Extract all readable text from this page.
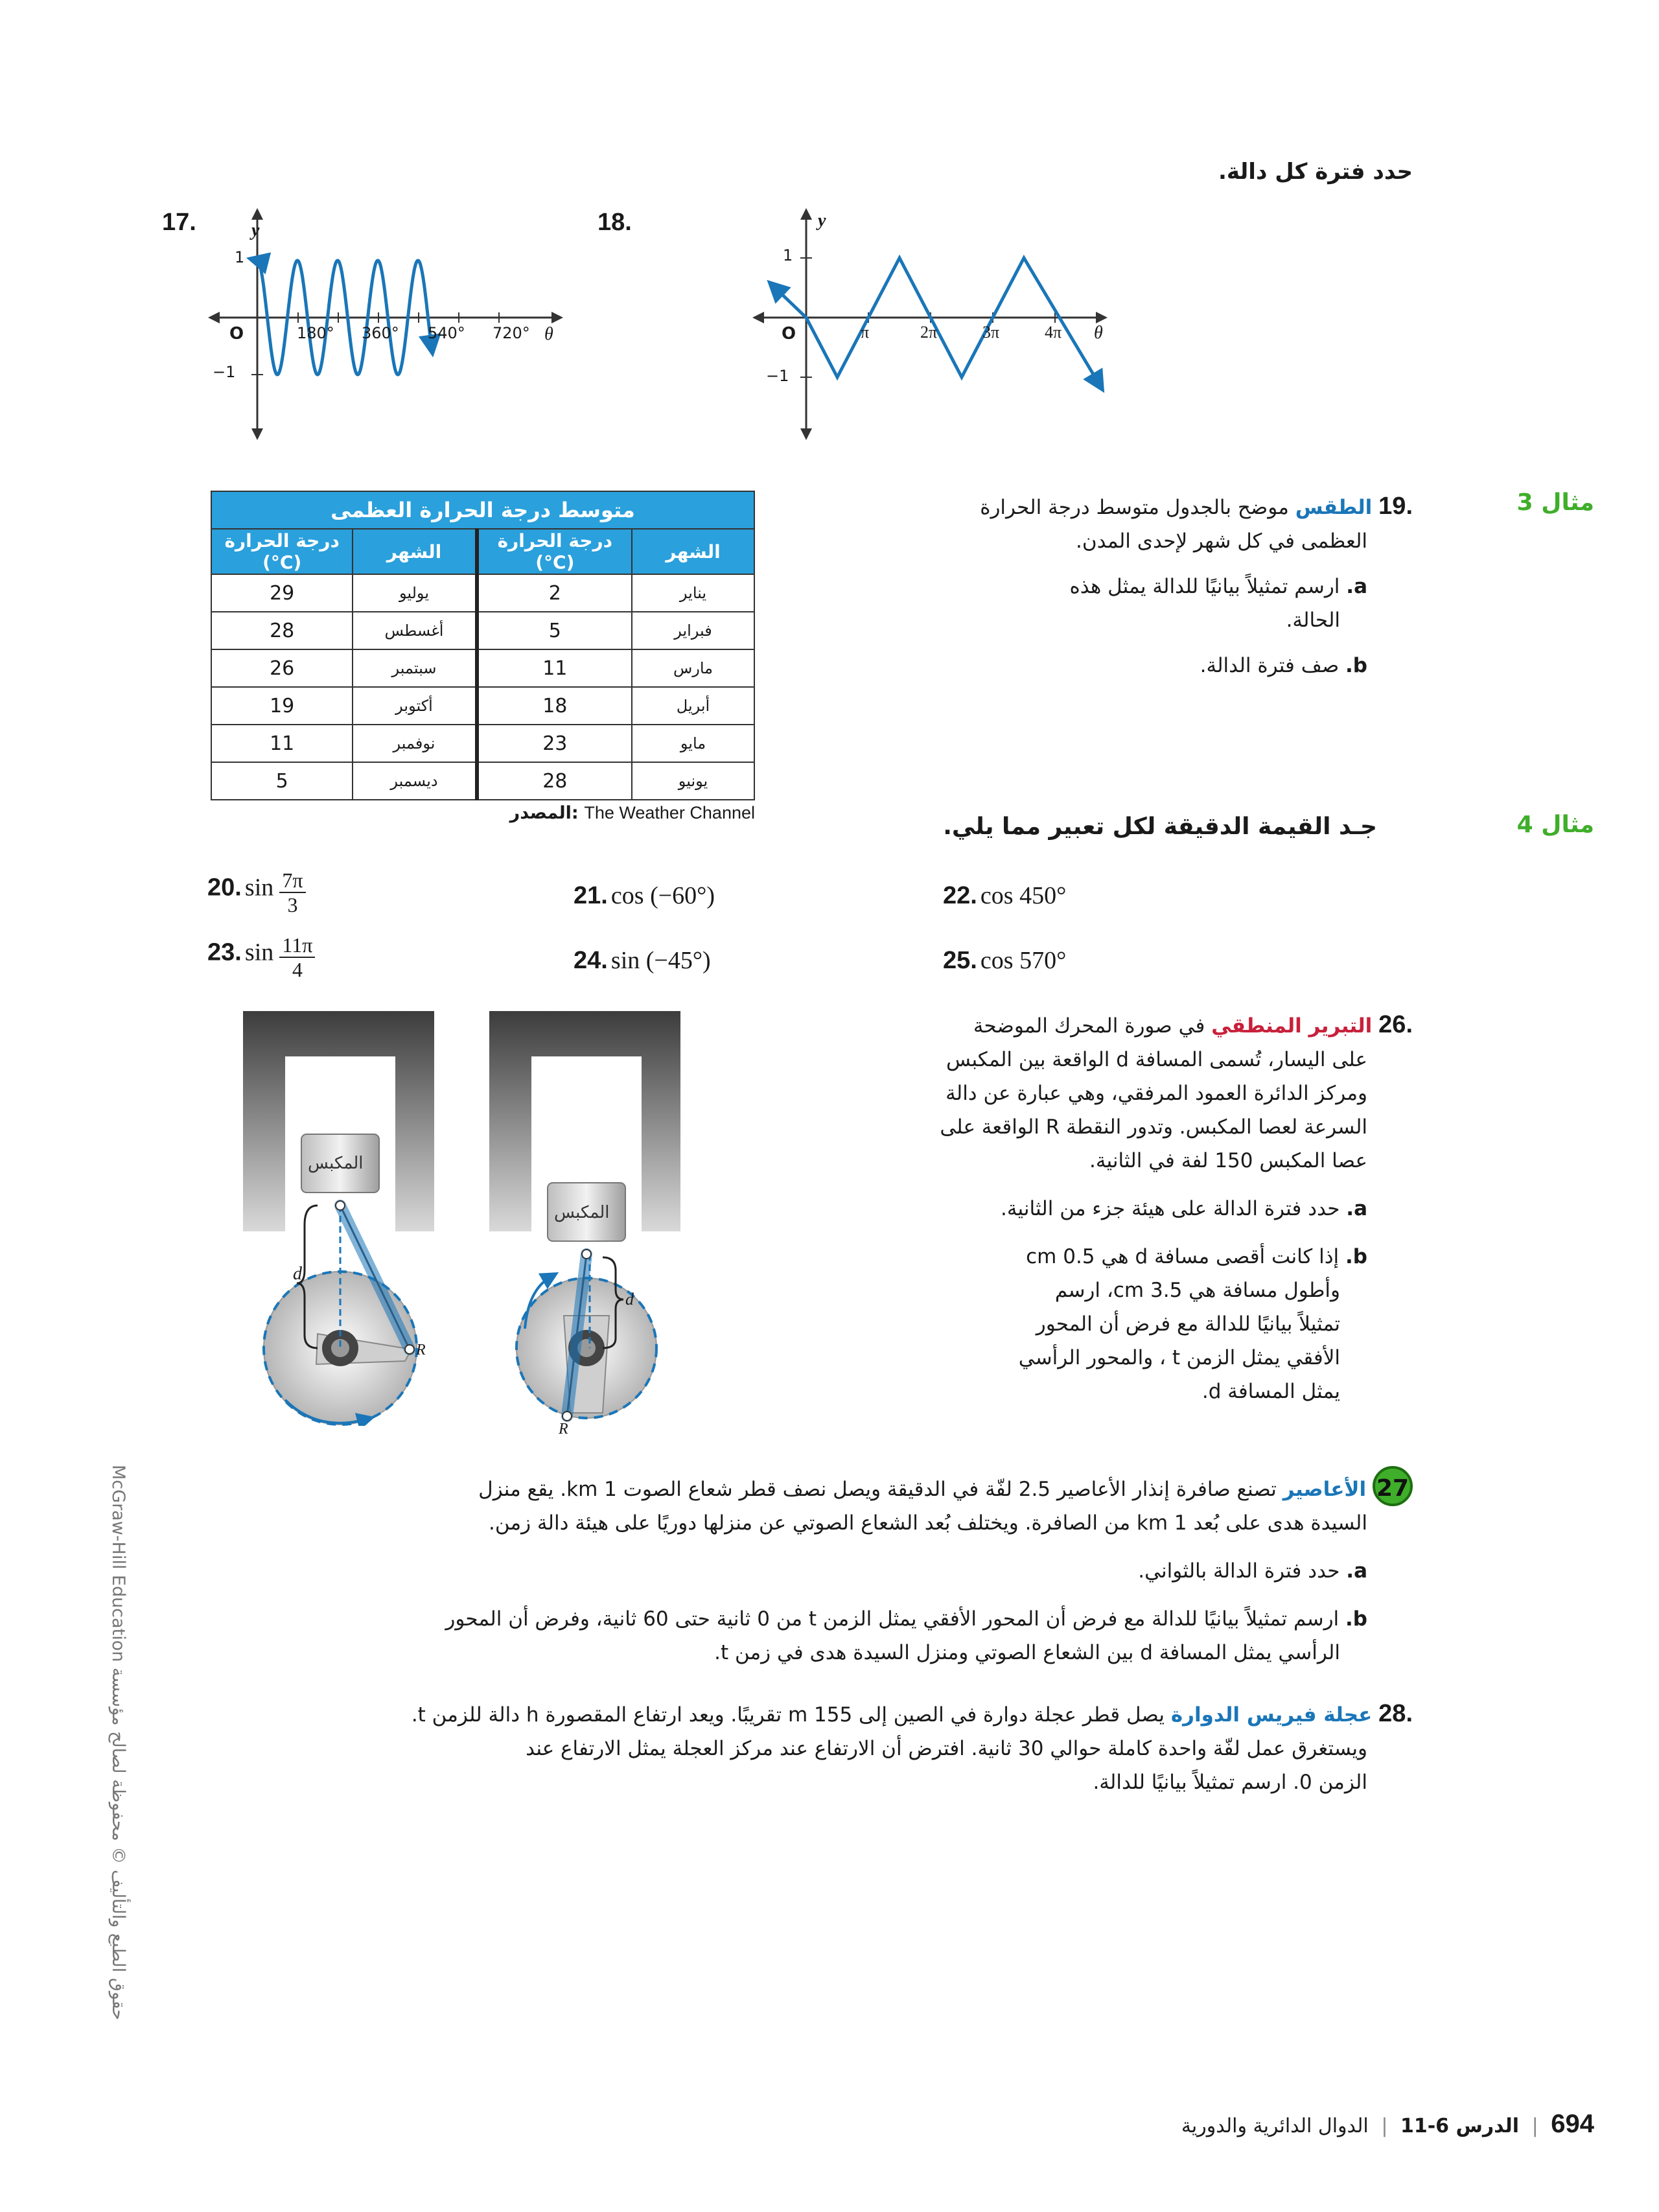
حدد فترة كل دالة.
17.	y
1
−1
O	180° 360° 540° 720° θ
18.	y
1
−1
O	π	2π	3π	4π θ
مثال 3
.19 الطقس موضح بالجدول متوسط درجة الحرارة
العظمى في كل شهر لإحدى المدن.
a. ارسم تمثيلاً بيانيًا للدالة يمثل هذه
الحالة.
b. صف فترة الدالة.
متوسط درجة الحرارة العظمى			
الشهر	درجة الحرارة (C°)	الشهر	درجة الحرارة (C°)
يناير	2	يوليو	29
فبراير	5	أغسطس	28
مارس	11	سبتمبر	26
أبريل	18	أكتوبر	19
مايو	23	نوفمبر	11
يونيو	28	ديسمبر	5
المصدر: The Weather Channel	مثال 4
جـد القيمة الدقيقة لكل تعبير مما يلي.
20. $\sin \frac{7\pi}{3}$	21. cos (−60°)	22. cos 450°
23. $\sin \frac{11\pi}{4}$	24. sin (−45°)	25. cos 570°
المكبس
المكبس
d
d
R
R
.26 التبرير المنطقي في صورة المحرك الموضحة
على اليسار، تُسمى المسافة d الواقعة بين المكبس
ومركز الدائرة العمود المرفقي، وهي عبارة عن دالة
السرعة لعصا المكبس. وتدور النقطة R الواقعة على
عصا المكبس 150 لفة في الثانية.
a. حدد فترة الدالة على هيئة جزء من الثانية.
b. إذا كانت أقصى مسافة d هي 0.5 cm
وأطول مسافة هي 3.5 cm، ارسم
تمثيلاً بيانيًا للدالة مع فرض أن المحور
الأفقي يمثل الزمن t ، والمحور الرأسي
يمثل المسافة d.
27 الأعاصير تصنع صافرة إنذار الأعاصير 2.5 لفّة في الدقيقة ويصل نصف قطر شعاع الصوت 1 km. يقع منزل
السيدة هدى على بُعد 1 km من الصافرة. ويختلف بُعد الشعاع الصوتي عن منزلها دوريًا على هيئة دالة زمن.
a. حدد فترة الدالة بالثواني.
b. ارسم تمثيلاً بيانيًا للدالة مع فرض أن المحور الأفقي يمثل الزمن t من 0 ثانية حتى 60 ثانية، وفرض أن المحور
الرأسي يمثل المسافة d بين الشعاع الصوتي ومنزل السيدة هدى في زمن t.
.28 عجلة فيريس الدوارة يصل قطر عجلة دوارة في الصين إلى 155 m تقريبًا. ويعد ارتفاع المقصورة h دالة للزمن t.
ويستغرق عمل لفّة واحدة كاملة حوالي 30 ثانية. افترض أن الارتفاع عند مركز العجلة يمثل الارتفاع عند
الزمن 0. ارسم تمثيلاً بيانيًا للدالة.
McGraw-Hill Education حقوق الطبع والتأليف © محفوظة لصالح مؤسسة
694 | الدرس 6-11 | الدوال الدائرية والدورية
